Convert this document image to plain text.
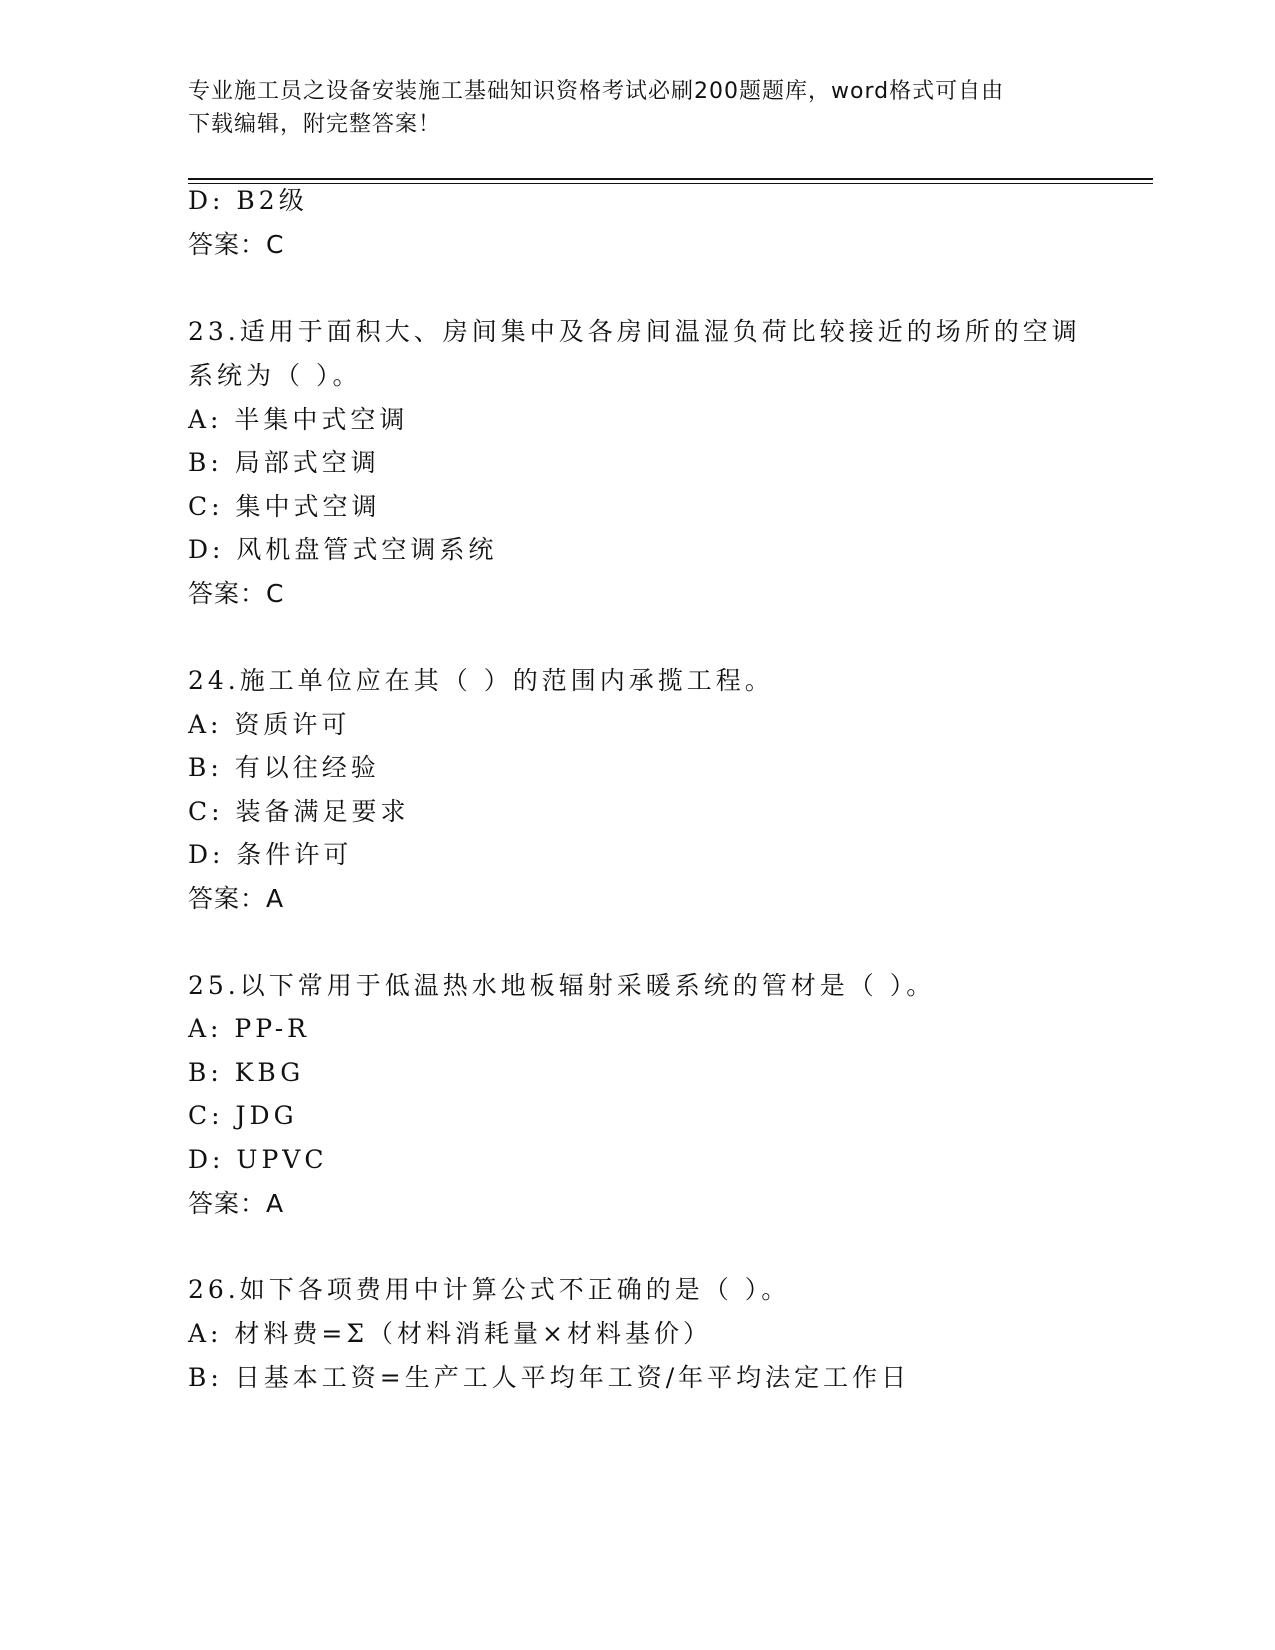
专业施工员之设备安装施工基础知识资格考试必刷200题题库，word格式可自由
下载编辑，附完整答案！
D: B2级
答案：C
23.适用于面积大、房间集中及各房间温湿负荷比较接近的场所的空调
系统为（ ）。
A: 半集中式空调
B: 局部式空调
C: 集中式空调
D: 风机盘管式空调系统
答案：C
24.施工单位应在其（ ）的范围内承揽工程。
A: 资质许可
B: 有以往经验
C: 装备满足要求
D: 条件许可
答案：A
25.以下常用于低温热水地板辐射采暖系统的管材是（ ）。
A: PP-R
B: KBG
C: JDG
D: UPVC
答案：A
26.如下各项费用中计算公式不正确的是（ ）。
A: 材料费=Σ（材料消耗量×材料基价）
B: 日基本工资=生产工人平均年工资/年平均法定工作日
